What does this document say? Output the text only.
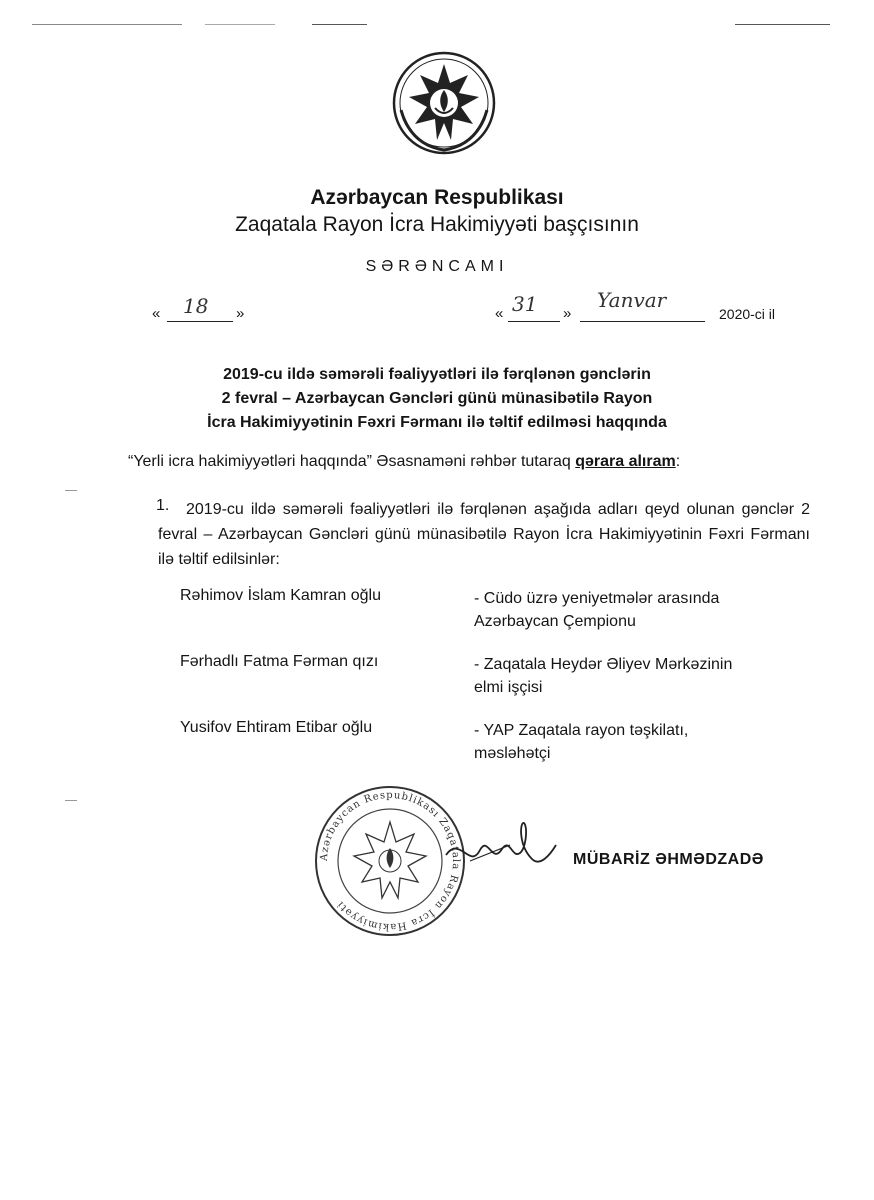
Azərbaycan Respublikası
Zaqatala Rayon İcra Hakimiyyəti başçısının
SƏRƏNCAMI
« 18 »	« 31 »
Yanvar
2020-ci il
2019-cu ildə səmərəli fəaliyyətləri ilə fərqlənən gənclərin
2 fevral – Azərbaycan Gəncləri günü münasibətilə Rayon
İcra Hakimiyyətinin Fəxri Fərmanı ilə təltif edilməsi haqqında
“Yerli icra hakimiyyətləri haqqında” Əsasnaməni rəhbər tutaraq qərara alıram:
2019-cu ildə səmərəli fəaliyyətləri ilə fərqlənən aşağıda adları qeyd olunan gənclər 2 fevral – Azərbaycan Gəncləri günü münasibətilə Rayon İcra Hakimiyyətinin Fəxri Fərmanı ilə təltif edilsinlər:
1.
Rəhimov İslam Kamran oğlu	- Cüdo üzrə yeniyetmələr arasında
Azərbaycan Çempionu
Fərhadlı Fatma Fərman qızı	- Zaqatala Heydər Əliyev Mərkəzinin
elmi işçisi
Yusifov Ehtiram Etibar oğlu	- YAP Zaqatala rayon təşkilatı,
məsləhətçi
Azərbaycan Respublikası Zaqatala Rayon İcra Hakimiyyəti
MÜBARİZ ƏHMƏDZADƏ
